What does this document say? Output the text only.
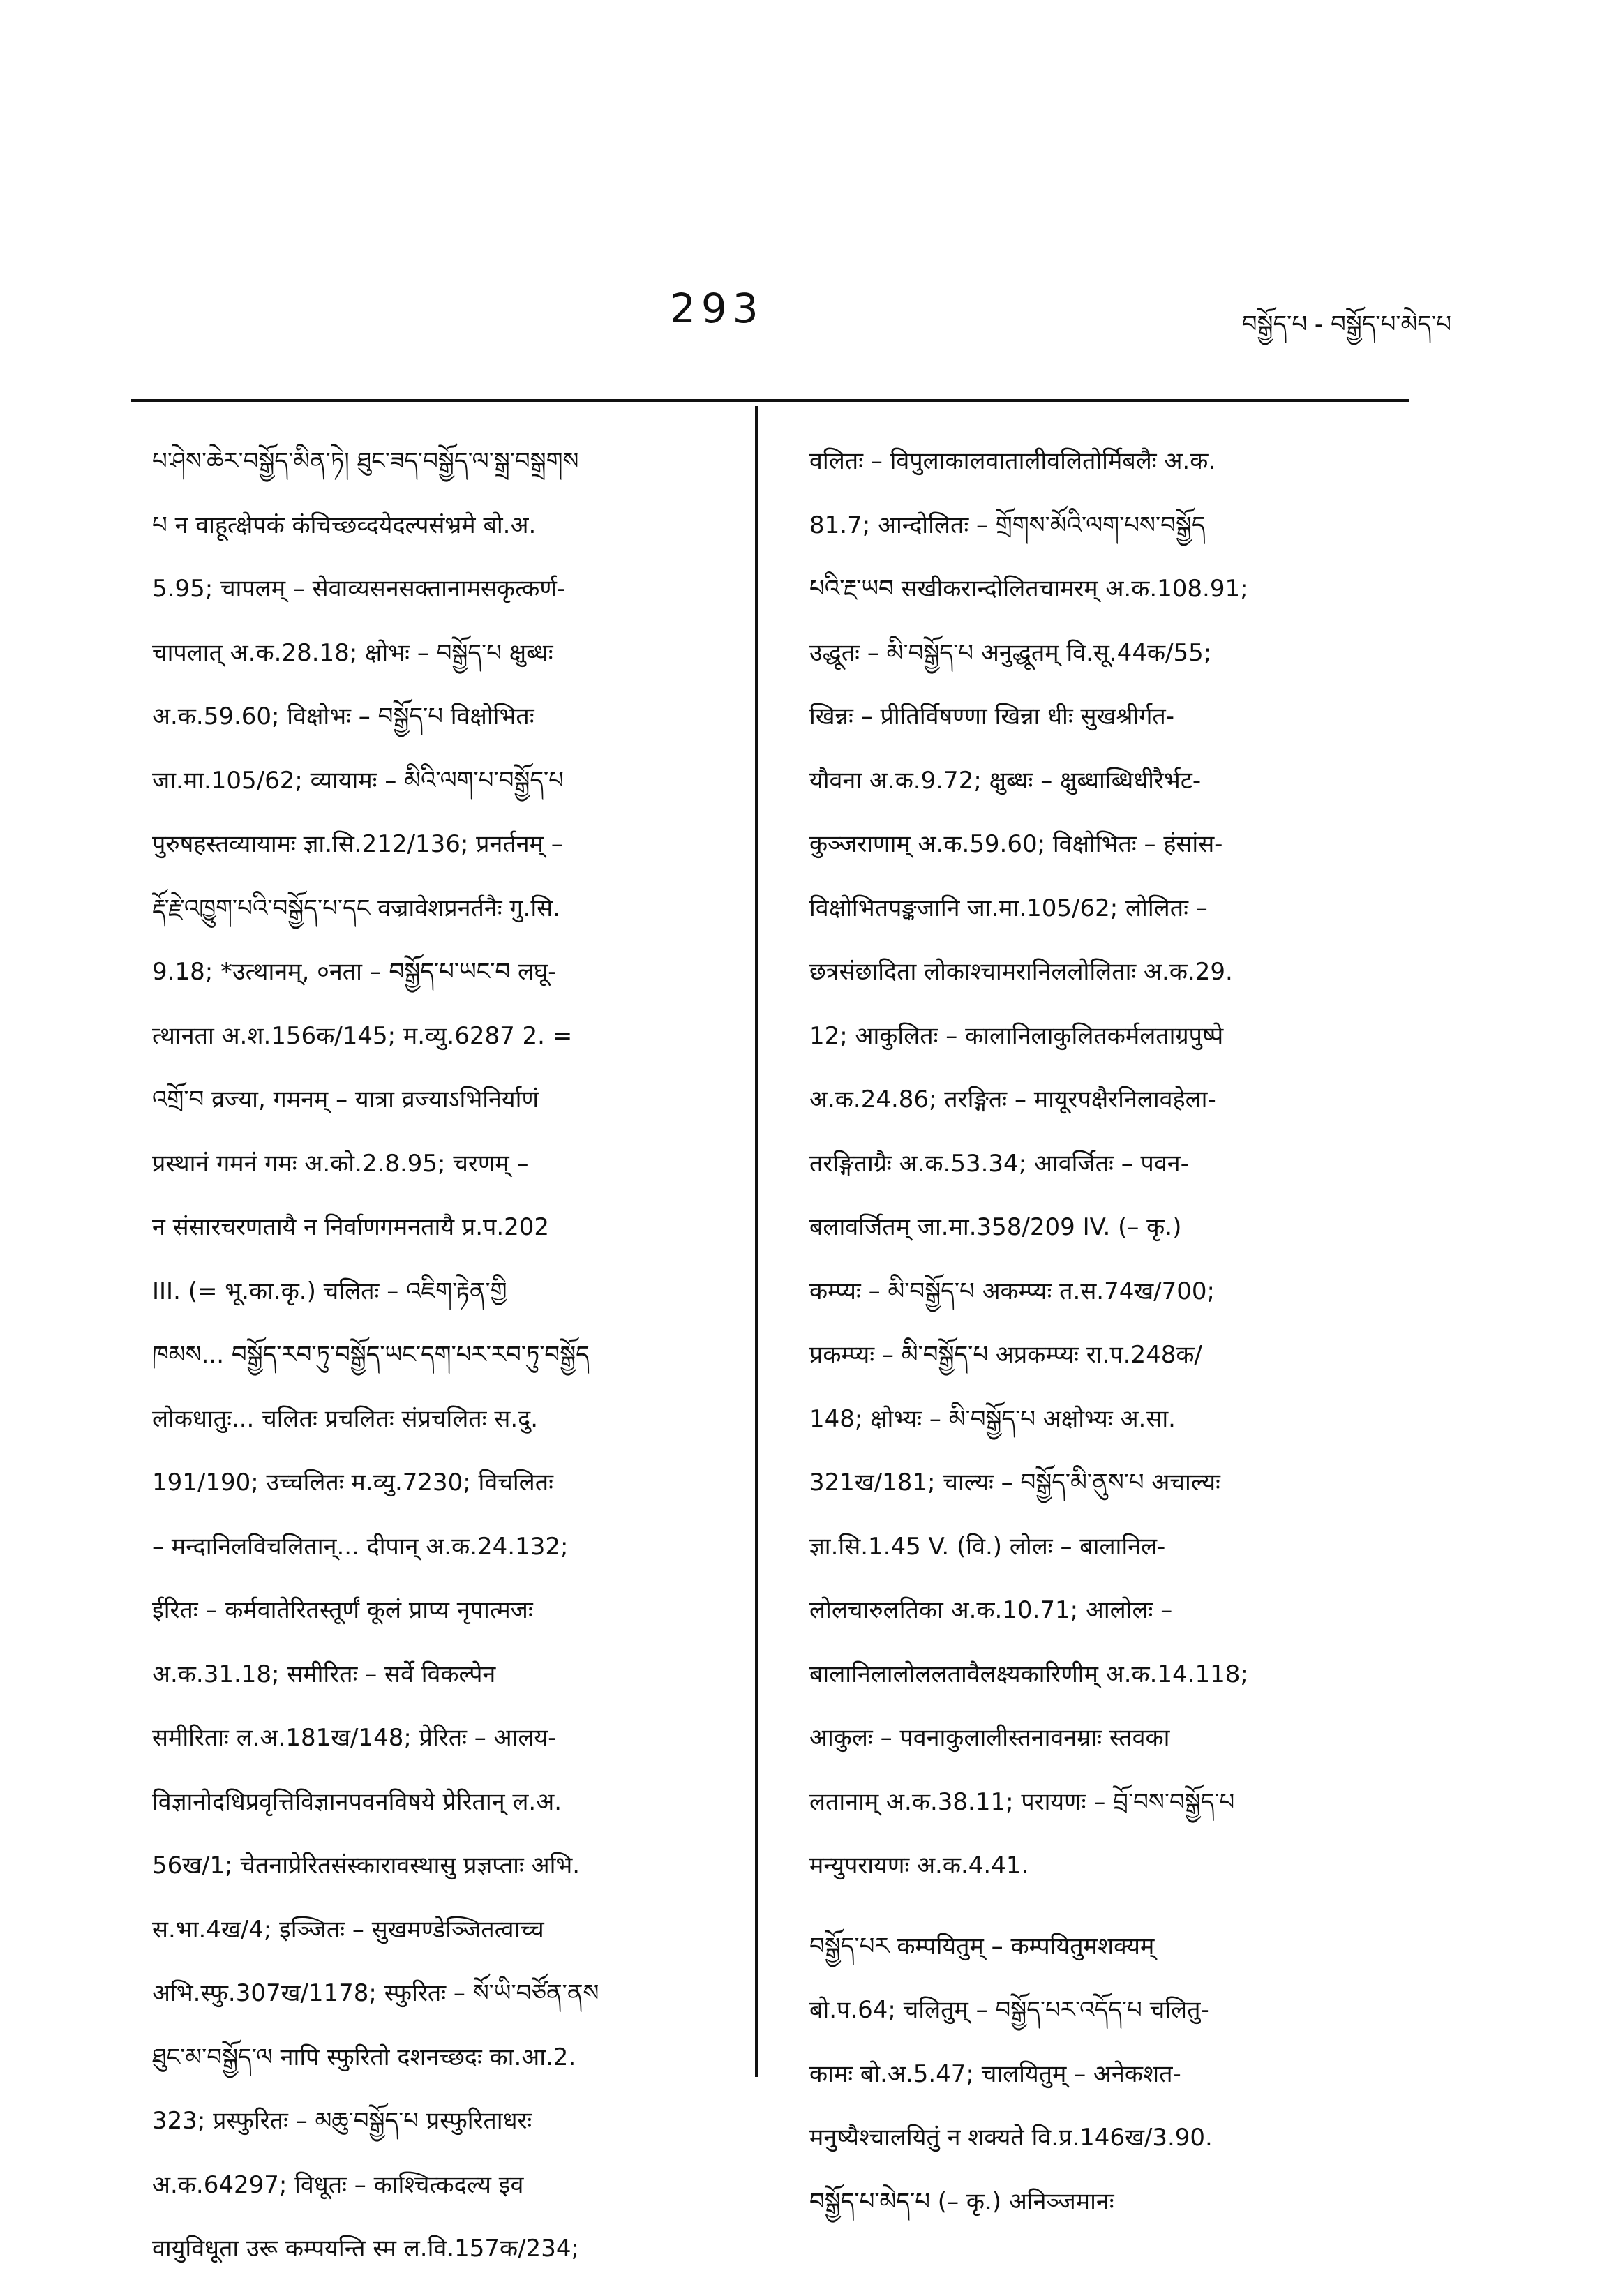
293	བསྒྱོད་པ - བསྒྱོད་པ་མེད་པ
པ་ཤེས་ཆེར་བསྒྱོད་མིན་ཏེ། ཐུང་ཟད་བསྒྱོད་ལ་སྒྲ་བསྒྲགས
པ न वाहूत्क्षेपकं कंचिच्छव्दयेदल्पसंभ्रमे बो.अ.
5.95; चापलम् – सेवाव्यसनसक्तानामसकृत्कर्ण-
चापलात् अ.क.28.18; क्षोभः – བསྒྱོད་པ क्षुब्धः
अ.क.59.60; विक्षोभः – བསྒྱོད་པ विक्षोभितः
जा.मा.105/62; व्यायामः – མིའི་ལག་པ་བསྒྱོད་པ
पुरुषहस्तव्यायामः ज्ञा.सि.212/136; प्रनर्तनम् –
རྡོ་རྗེ་འཁྱུག་པའི་བསྒྱོད་པ་དང वज्रावेशप्रनर्तनैः गु.सि.
9.18; *उत्थानम्, ०नता – བསྒྱོད་པ་ཡང་བ लघू-
त्थानता अ.श.156क/145; म.व्यु.6287 2. =
འགྲོ་བ व्रज्या, गमनम् – यात्रा व्रज्याऽभिनिर्याणं
प्रस्थानं गमनं गमः अ.को.2.8.95; चरणम् –
न संसारचरणतायै न निर्वाणगमनतायै प्र.प.202
III. (= भू.का.कृ.) चलितः – འཇིག་རྟེན་གྱི
ཁམས... བསྒྱོད་རབ་ཏུ་བསྒྱོད་ཡང་དག་པར་རབ་ཏུ་བསྒྱོད
लोकधातुः... चलितः प्रचलितः संप्रचलितः स.दु.
191/190; उच्चलितः म.व्यु.7230; विचलितः
– मन्दानिलविचलितान्... दीपान् अ.क.24.132;
ईरितः – कर्मवातेरितस्तूर्णं कूलं प्राप्य नृपात्मजः
अ.क.31.18; समीरितः – सर्वे विकल्पेन
समीरिताः ल.अ.181ख/148; प्रेरितः – आलय-
विज्ञानोदधिप्रवृत्तिविज्ञानपवनविषये प्रेरितान् ल.अ.
56ख/1; चेतनाप्रेरितसंस्कारावस्थासु प्रज्ञप्ताः अभि.
स.भा.4ख/4; इञ्जितः – सुखमण्डेञ्जितत्वाच्च
अभि.स्फु.307ख/1178; स्फुरितः – སོ་ཡི་བཙོན་ནས
ཐུང་མ་བསྒྱོད་ལ नापि स्फुरितो दशनच्छदः का.आ.2.
323; प्रस्फुरितः – མཆུ་བསྒྱོད་པ प्रस्फुरिताधरः
अ.क.64297; विधूतः – काश्चित्कदल्य इव
वायुविधूता उरू कम्पयन्ति स्म ल.वि.157क/234;
वलितः – विपुलाकालवातालीवलितोर्मिबलैः अ.क.
81.7; आन्दोलितः – གྲོགས་མོའི་ལག་པས་བསྒྱོད
པའི་རྔ་ཡབ सखीकरान्दोलितचामरम् अ.क.108.91;
उद्धूतः – མི་བསྒྱོད་པ अनुद्धूतम् वि.सू.44क/55;
खिन्नः – प्रीतिर्विषण्णा खिन्ना धीः सुखश्रीर्गत-
यौवना अ.क.9.72; क्षुब्धः – क्षुब्धाब्धिधीरैर्भट-
कुञ्जराणाम् अ.क.59.60; विक्षोभितः – हंसांस-
विक्षोभितपङ्कजानि जा.मा.105/62; लोलितः –
छत्रसंछादिता लोकाश्चामरानिललोलिताः अ.क.29.
12; आकुलितः – कालानिलाकुलितकर्मलताग्रपुष्पे
अ.क.24.86; तरङ्गितः – मायूरपक्षैरनिलावहेला-
तरङ्गिताग्रैः अ.क.53.34; आवर्जितः – पवन-
बलावर्जितम् जा.मा.358/209 IV. (– कृ.)
कम्प्यः – མི་བསྒྱོད་པ अकम्प्यः त.स.74ख/700;
प्रकम्प्यः – མི་བསྒྱོད་པ अप्रकम्प्यः रा.प.248क/
148; क्षोभ्यः – མི་བསྒྱོད་པ अक्षोभ्यः अ.सा.
321ख/181; चाल्यः – བསྒྱོད་མི་ནུས་པ अचाल्यः
ज्ञा.सि.1.45 V. (वि.) लोलः – बालानिल-
लोलचारुलतिका अ.क.10.71; आलोलः –
बालानिलालोललतावैलक्ष्यकारिणीम् अ.क.14.118;
आकुलः – पवनाकुलालीस्तनावनम्राः स्तवका
लतानाम् अ.क.38.11; परायणः – བྲོ་བས་བསྒྱོད་པ
मन्युपरायणः अ.क.4.41.
བསྒྱོད་པར कम्पयितुम् – कम्पयितुमशक्यम्
बो.प.64; चलितुम् – བསྒྱོད་པར་འདོད་པ चलितु-
कामः बो.अ.5.47; चालयितुम् – अनेकशत-
मनुष्यैश्चालयितुं न शक्यते वि.प्र.146ख/3.90.
བསྒྱོད་པ་མེད་པ (– कृ.) अनिञ्जमानः
